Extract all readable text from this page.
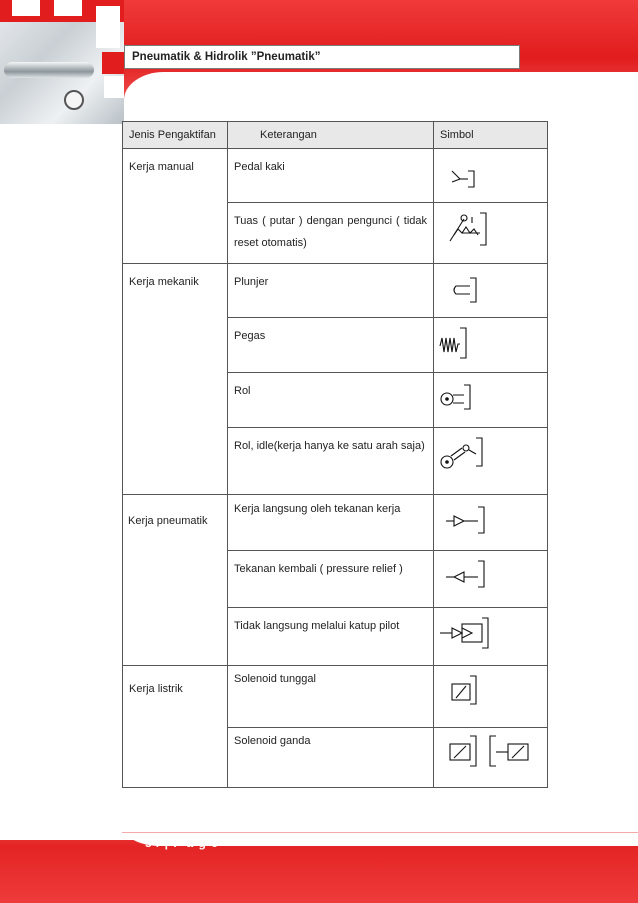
Pneumatik & Hidrolik ”Pneumatik”
Jenis Pengaktifan	Keterangan	Simbol

Kerja manual	Pedal kaki

	Tuas ( putar ) dengan pengunci ( tidak reset otomatis)

Kerja mekanik	Plunjer

	Pegas

	Rol

	Rol, idle(kerja hanya ke satu arah saja)

Kerja pneumatik	Kerja langsung oleh tekanan kerja

	Tekanan kembali ( pressure relief )

	Tidak langsung melalui katup pilot

Kerja listrik	Solenoid tunggal

	Solenoid ganda

54 | P a g e
